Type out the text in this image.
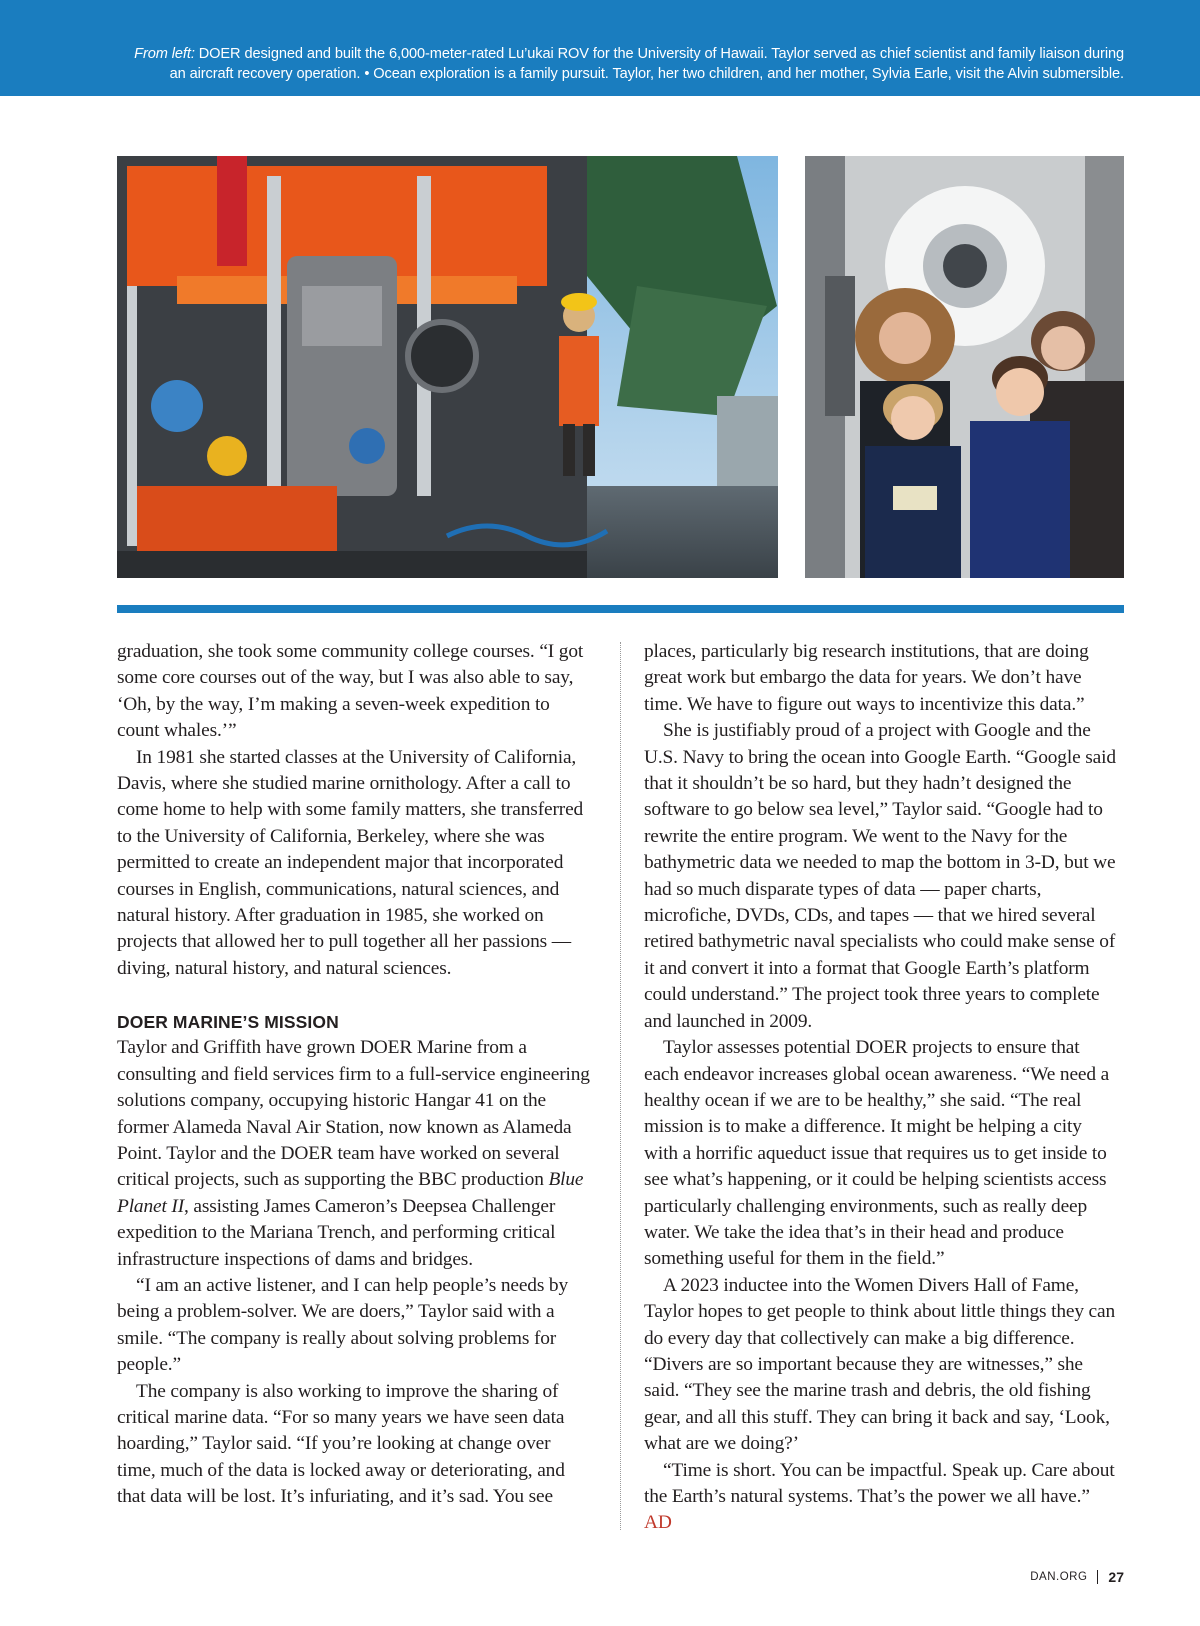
From left: DOER designed and built the 6,000-meter-rated Lu’ukai ROV for the University of Hawaii. Taylor served as chief scientist and family liaison during an aircraft recovery operation. • Ocean exploration is a family pursuit. Taylor, her two children, and her mother, Sylvia Earle, visit the Alvin submersible.

graduation, she took some community college courses. “I got some core courses out of the way, but I was also able to say, ‘Oh, by the way, I’m making a seven-week expedition to count whales.’”

In 1981 she started classes at the University of California, Davis, where she studied marine ornithology. After a call to come home to help with some family matters, she transferred to the University of California, Berkeley, where she was permitted to create an independent major that incorporated courses in English, communications, natural sciences, and natural history. After graduation in 1985, she worked on projects that allowed her to pull together all her passions — diving, natural history, and natural sciences.

DOER MARINE’S MISSION

Taylor and Griffith have grown DOER Marine from a consulting and field services firm to a full-service engineering solutions company, occupying historic Hangar 41 on the former Alameda Naval Air Station, now known as Alameda Point. Taylor and the DOER team have worked on several critical projects, such as supporting the BBC production Blue Planet II, assisting James Cameron’s Deepsea Challenger expedition to the Mariana Trench, and performing critical infrastructure inspections of dams and bridges.

“I am an active listener, and I can help people’s needs by being a problem-solver. We are doers,” Taylor said with a smile. “The company is really about solving problems for people.”

The company is also working to improve the sharing of critical marine data. “For so many years we have seen data hoarding,” Taylor said. “If you’re looking at change over time, much of the data is locked away or deteriorating, and that data will be lost. It’s infuriating, and it’s sad. You see

places, particularly big research institutions, that are doing great work but embargo the data for years. We don’t have time. We have to figure out ways to incentivize this data.”

She is justifiably proud of a project with Google and the U.S. Navy to bring the ocean into Google Earth. “Google said that it shouldn’t be so hard, but they hadn’t designed the software to go below sea level,” Taylor said. “Google had to rewrite the entire program. We went to the Navy for the bathymetric data we needed to map the bottom in 3-D, but we had so much disparate types of data — paper charts, microfiche, DVDs, CDs, and tapes — that we hired several retired bathymetric naval specialists who could make sense of it and convert it into a format that Google Earth’s platform could understand.” The project took three years to complete and launched in 2009.

Taylor assesses potential DOER projects to ensure that each endeavor increases global ocean awareness. “We need a healthy ocean if we are to be healthy,” she said. “The real mission is to make a difference. It might be helping a city with a horrific aqueduct issue that requires us to get inside to see what’s happening, or it could be helping scientists access particularly challenging environments, such as really deep water. We take the idea that’s in their head and produce something useful for them in the field.”

A 2023 inductee into the Women Divers Hall of Fame, Taylor hopes to get people to think about little things they can do every day that collectively can make a big difference. “Divers are so important because they are witnesses,” she said. “They see the marine trash and debris, the old fishing gear, and all this stuff. They can bring it back and say, ‘Look, what are we doing?’

“Time is short. You can be impactful. Speak up. Care about the Earth’s natural systems. That’s the power we all have.” AD

DAN.ORG 27
